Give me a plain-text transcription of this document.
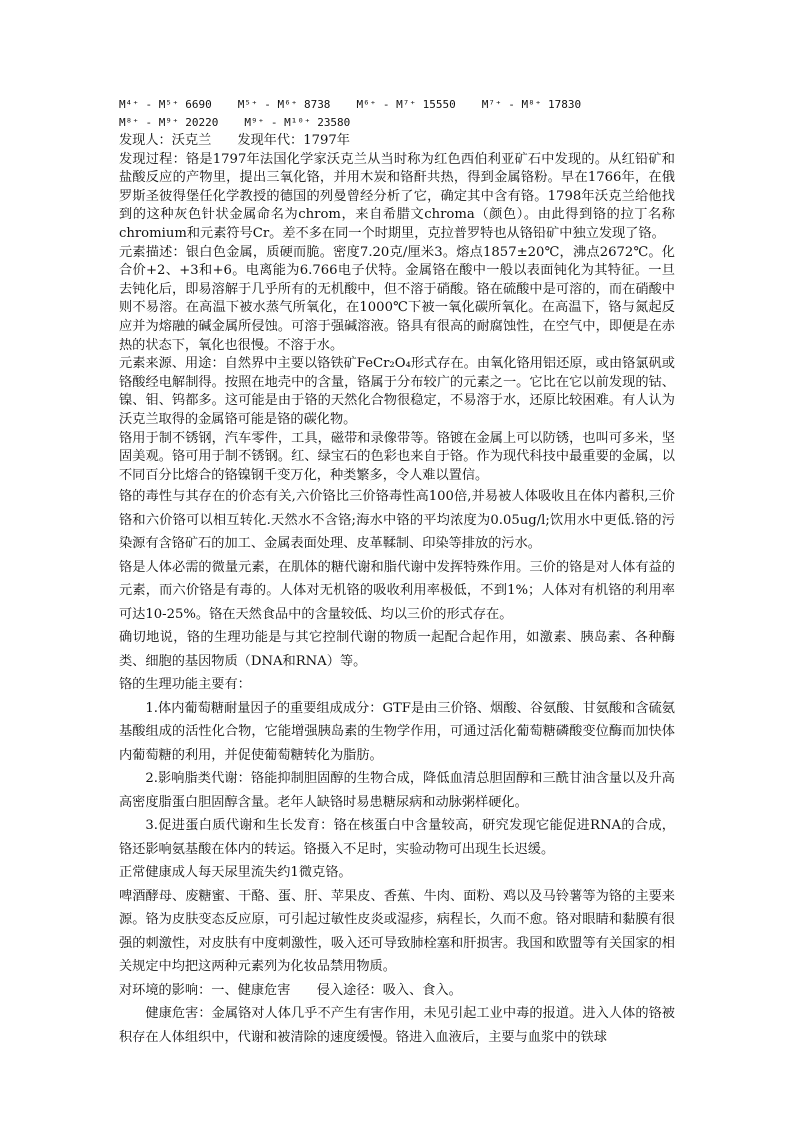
M⁴⁺ - M⁵⁺ 6690 M⁵⁺ - M⁶⁺ 8738 M⁶⁺ - M⁷⁺ 15550 M⁷⁺ - M⁸⁺ 17830
M⁸⁺ - M⁹⁺ 20220 M⁹⁺ - M¹⁰⁺ 23580

发现人：沃克兰 发现年代：1797年

发现过程：铬是1797年法国化学家沃克兰从当时称为红色西伯利亚矿石中发现的。从红铅矿和盐酸反应的产物里，提出三氧化铬，并用木炭和铬酐共热，得到金属铬粉。早在1766年，在俄罗斯圣彼得堡任化学教授的德国的列曼曾经分析了它，确定其中含有铬。1798年沃克兰给他找到的这种灰色针状金属命名为chrom，来自希腊文chroma（颜色）。由此得到铬的拉丁名称chromium和元素符号Cr。差不多在同一个时期里，克拉普罗特也从铬铅矿中独立发现了铬。

元素描述：银白色金属，质硬而脆。密度7.20克/厘米3。熔点1857±20℃，沸点2672℃。化合价+2、+3和+6。电离能为6.766电子伏特。金属铬在酸中一般以表面钝化为其特征。一旦去钝化后，即易溶解于几乎所有的无机酸中，但不溶于硝酸。铬在硫酸中是可溶的，而在硝酸中则不易溶。在高温下被水蒸气所氧化，在1000℃下被一氧化碳所氧化。在高温下，铬与氮起反应并为熔融的碱金属所侵蚀。可溶于强碱溶液。铬具有很高的耐腐蚀性，在空气中，即便是在赤热的状态下，氧化也很慢。不溶于水。

元素来源、用途：自然界中主要以铬铁矿FeCr₂O₄形式存在。由氧化铬用铝还原，或由铬氯矾或铬酸经电解制得。按照在地壳中的含量，铬属于分布较广的元素之一。它比在它以前发现的钴、镍、钼、钨都多。这可能是由于铬的天然化合物很稳定，不易溶于水，还原比较困难。有人认为沃克兰取得的金属铬可能是铬的碳化物。

铬用于制不锈钢，汽车零件，工具，磁带和录像带等。铬镀在金属上可以防锈，也叫可多米，坚固美观。铬可用于制不锈钢。红、绿宝石的色彩也来自于铬。作为现代科技中最重要的金属，以不同百分比熔合的铬镍钢千变万化，种类繁多，令人难以置信。

铬的毒性与其存在的价态有关,六价铬比三价铬毒性高100倍,并易被人体吸收且在体内蓄积,三价铬和六价铬可以相互转化.天然水不含铬;海水中铬的平均浓度为0.05ug/l;饮用水中更低.铬的污染源有含铬矿石的加工、金属表面处理、皮革鞣制、印染等排放的污水。

铬是人体必需的微量元素，在肌体的糖代谢和脂代谢中发挥特殊作用。三价的铬是对人体有益的元素，而六价铬是有毒的。人体对无机铬的吸收利用率极低，不到1%；人体对有机铬的利用率可达10-25%。铬在天然食品中的含量较低、均以三价的形式存在。

确切地说，铬的生理功能是与其它控制代谢的物质一起配合起作用，如激素、胰岛素、各种酶类、细胞的基因物质（DNA和RNA）等。

铬的生理功能主要有：

1.体内葡萄糖耐量因子的重要组成成分：GTF是由三价铬、烟酸、谷氨酸、甘氨酸和含硫氨基酸组成的活性化合物，它能增强胰岛素的生物学作用，可通过活化葡萄糖磷酸变位酶而加快体内葡萄糖的利用，并促使葡萄糖转化为脂肪。

2.影响脂类代谢：铬能抑制胆固醇的生物合成，降低血清总胆固醇和三酰甘油含量以及升高高密度脂蛋白胆固醇含量。老年人缺铬时易患糖尿病和动脉粥样硬化。

3.促进蛋白质代谢和生长发育：铬在核蛋白中含量较高，研究发现它能促进RNA的合成，铬还影响氨基酸在体内的转运。铬摄入不足时，实验动物可出现生长迟缓。

正常健康成人每天尿里流失约1微克铬。

啤酒酵母、废糖蜜、干酪、蛋、肝、苹果皮、香蕉、牛肉、面粉、鸡以及马铃薯等为铬的主要来源。铬为皮肤变态反应原，可引起过敏性皮炎或湿疹，病程长，久而不愈。铬对眼睛和黏膜有很强的刺激性，对皮肤有中度刺激性，吸入还可导致肺栓塞和肝损害。我国和欧盟等有关国家的相关规定中均把这两种元素列为化妆品禁用物质。

对环境的影响：一、健康危害　　侵入途径：吸入、食入。

健康危害：金属铬对人体几乎不产生有害作用，未见引起工业中毒的报道。进入人体的铬被积存在人体组织中，代谢和被清除的速度缓慢。铬进入血液后，主要与血浆中的铁球
